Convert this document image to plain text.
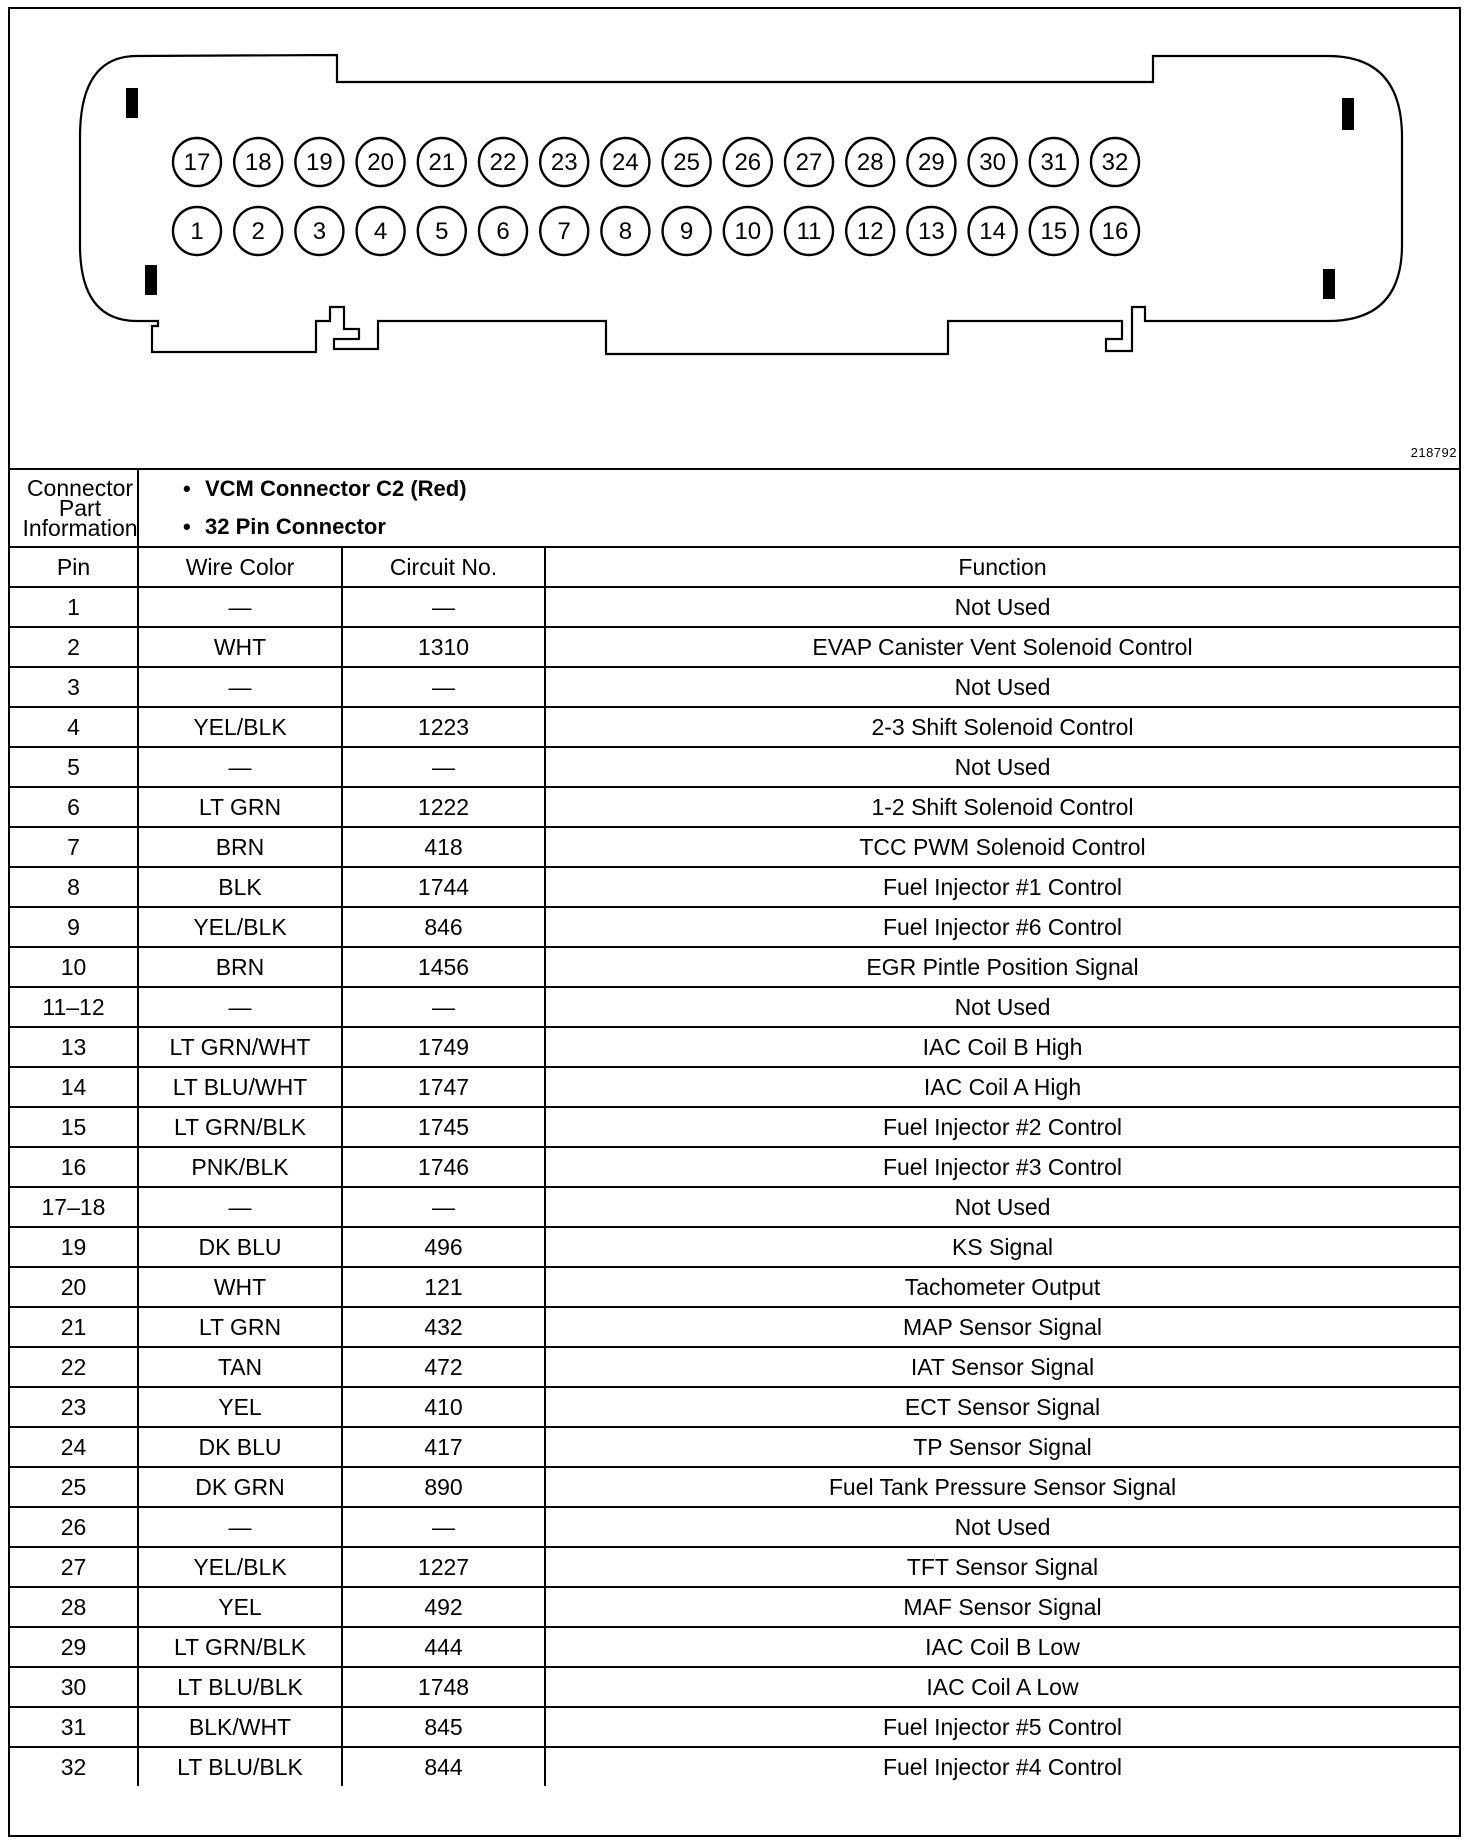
17 18 19 20 21 22 23 24 25 26 27 28 29 30 31 32
1 2 3 4 5 6 7 8 9 10 11 12 13 14 15 16
218792
Connector Part Information	• VCM Connector C2 (Red)
• 32 Pin Connector		

Pin	Wire Color	Circuit No.	Function
1	—	—	Not Used
2	WHT	1310	EVAP Canister Vent Solenoid Control
3	—	—	Not Used
4	YEL/BLK	1223	2-3 Shift Solenoid Control
5	—	—	Not Used
6	LT GRN	1222	1-2 Shift Solenoid Control
7	BRN	418	TCC PWM Solenoid Control
8	BLK	1744	Fuel Injector #1 Control
9	YEL/BLK	846	Fuel Injector #6 Control
10	BRN	1456	EGR Pintle Position Signal
11–12	—	—	Not Used
13	LT GRN/WHT	1749	IAC Coil B High
14	LT BLU/WHT	1747	IAC Coil A High
15	LT GRN/BLK	1745	Fuel Injector #2 Control
16	PNK/BLK	1746	Fuel Injector #3 Control
17–18	—	—	Not Used
19	DK BLU	496	KS Signal
20	WHT	121	Tachometer Output
21	LT GRN	432	MAP Sensor Signal
22	TAN	472	IAT Sensor Signal
23	YEL	410	ECT Sensor Signal
24	DK BLU	417	TP Sensor Signal
25	DK GRN	890	Fuel Tank Pressure Sensor Signal
26	—	—	Not Used
27	YEL/BLK	1227	TFT Sensor Signal
28	YEL	492	MAF Sensor Signal
29	LT GRN/BLK	444	IAC Coil B Low
30	LT BLU/BLK	1748	IAC Coil A Low
31	BLK/WHT	845	Fuel Injector #5 Control
32	LT BLU/BLK	844	Fuel Injector #4 Control
